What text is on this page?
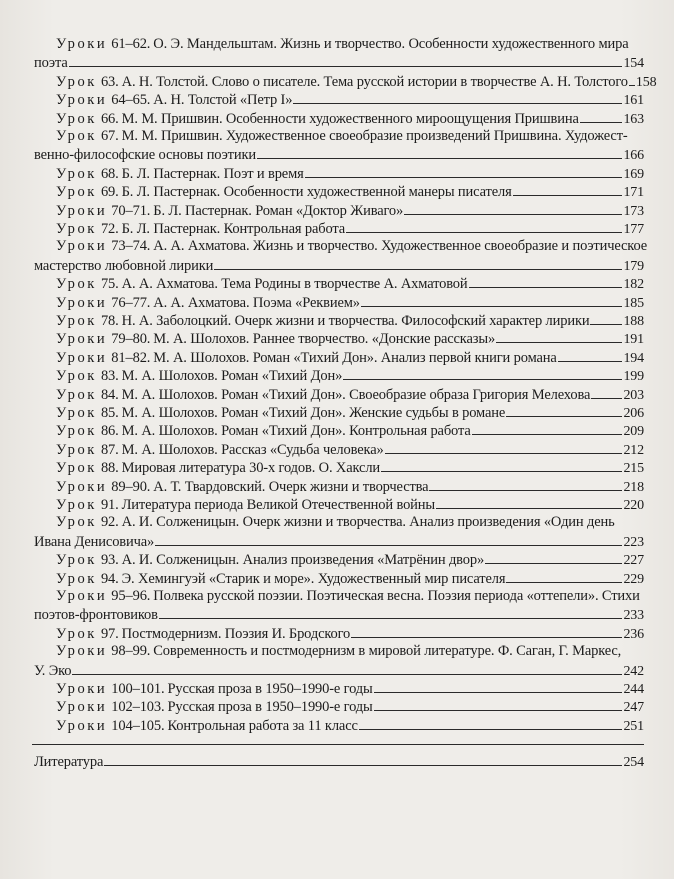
Уроки 61–62. О. Э. Мандельштам. Жизнь и творчество. Особенности художественного мира
поэта	154
Урок 63. А. Н. Толстой. Слово о писателе. Тема русской истории в творчестве А. Н. Толстого 158
Уроки 64–65. А. Н. Толстой «Петр I»	161
Урок 66. М. М. Пришвин. Особенности художественного мироощущения Пришвина	163
Урок 67. М. М. Пришвин. Художественное своеобразие произведений Пришвина. Художест-
венно-философские основы поэтики	166
Урок 68. Б. Л. Пастернак. Поэт и время	169
Урок 69. Б. Л. Пастернак. Особенности художественной манеры писателя	171
Уроки 70–71. Б. Л. Пастернак. Роман «Доктор Живаго»	173
Урок 72. Б. Л. Пастернак. Контрольная работа	177
Уроки 73–74. А. А. Ахматова. Жизнь и творчество. Художественное своеобразие и поэтическое
мастерство любовной лирики	179
Урок 75. А. А. Ахматова. Тема Родины в творчестве А. Ахматовой	182
Уроки 76–77. А. А. Ахматова. Поэма «Реквием»	185
Урок 78. Н. А. Заболоцкий. Очерк жизни и творчества. Философский характер лирики 188
Уроки 79–80. М. А. Шолохов. Раннее творчество. «Донские рассказы»	191
Уроки 81–82. М. А. Шолохов. Роман «Тихий Дон». Анализ первой книги романа	194
Урок 83. М. А. Шолохов. Роман «Тихий Дон»	199
Урок 84. М. А. Шолохов. Роман «Тихий Дон». Своеобразие образа Григория Мелехова 203
Урок 85. М. А. Шолохов. Роман «Тихий Дон». Женские судьбы в романе	206
Урок 86. М. А. Шолохов. Роман «Тихий Дон». Контрольная работа	209
Урок 87. М. А. Шолохов. Рассказ «Судьба человека»	212
Урок 88. Мировая литература 30-х годов. О. Хаксли	215
Уроки 89–90. А. Т. Твардовский. Очерк жизни и творчества	218
Урок 91. Литература периода Великой Отечественной войны	220
Урок 92. А. И. Солженицын. Очерк жизни и творчества. Анализ произведения «Один день
Ивана Денисовича»	223
Урок 93. А. И. Солженицын. Анализ произведения «Матрёнин двор»	227
Урок 94. Э. Хемингуэй «Старик и море». Художественный мир писателя	229
Уроки 95–96. Полвека русской поэзии. Поэтическая весна. Поэзия периода «оттепели». Стихи
поэтов-фронтовиков	233
Урок 97. Постмодернизм. Поэзия И. Бродского	236
Уроки 98–99. Современность и постмодернизм в мировой литературе. Ф. Саган, Г. Маркес,
У. Эко	242
Уроки 100–101. Русская проза в 1950–1990-е годы	244
Уроки 102–103. Русская проза в 1950–1990-е годы	247
Уроки 104–105. Контрольная работа за 11 класс	251
Литература	254
